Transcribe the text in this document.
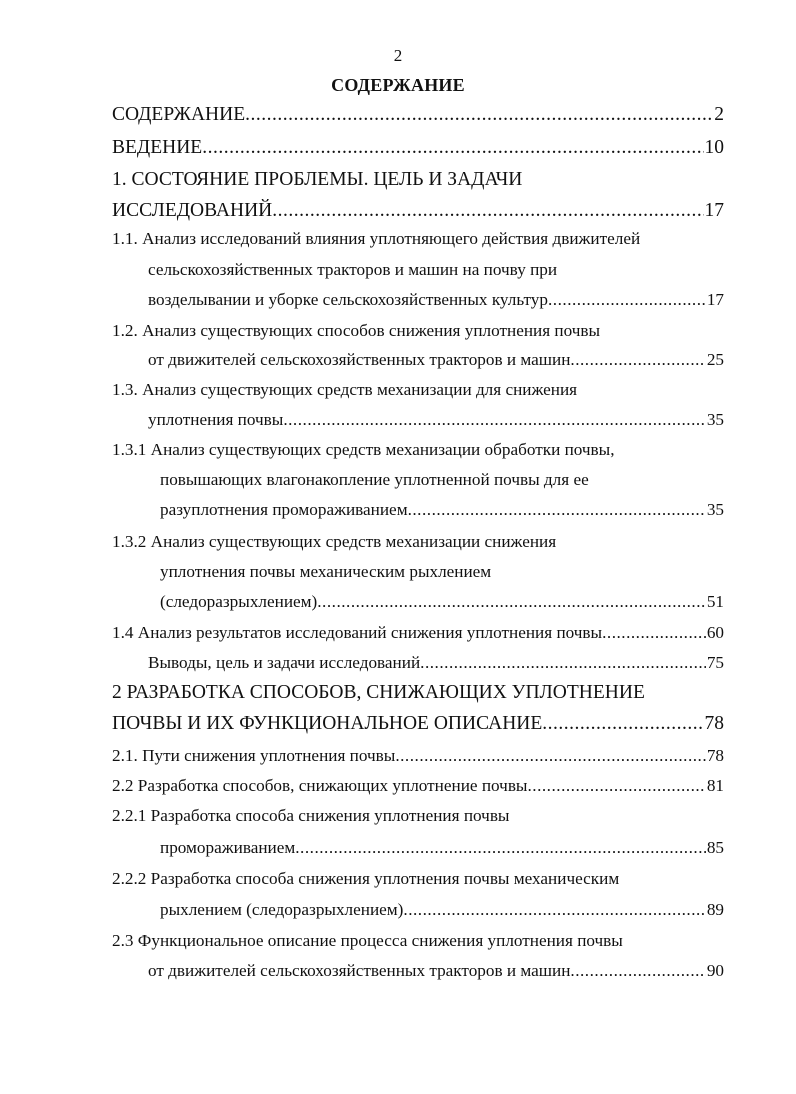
2
СОДЕРЖАНИЕ
СОДЕРЖАНИЕ .....	2
ВЕДЕНИЕ .....	10
1. СОСТОЯНИЕ ПРОБЛЕМЫ. ЦЕЛЬ И ЗАДАЧИ
ИССЛЕДОВАНИЙ .....	17
1.1. Анализ исследований влияния уплотняющего действия движителей
сельскохозяйственных тракторов и машин на почву при
возделывании и уборке сельскохозяйственных культур .....	17
1.2. Анализ существующих способов снижения уплотнения почвы
от движителей сельскохозяйственных тракторов и машин .....	25
1.3. Анализ существующих средств механизации для снижения
уплотнения почвы .....	35
1.3.1 Анализ существующих средств механизации обработки почвы,
повышающих влагонакопление уплотненной почвы для ее
разуплотнения промораживанием .....	35
1.3.2 Анализ существующих средств механизации снижения
уплотнения почвы механическим рыхлением
(следоразрыхлением) .....	51
1.4 Анализ результатов исследований снижения уплотнения почвы .....	60
Выводы, цель и задачи исследований .....	75
2 РАЗРАБОТКА СПОСОБОВ, СНИЖАЮЩИХ УПЛОТНЕНИЕ
ПОЧВЫ И ИХ ФУНКЦИОНАЛЬНОЕ ОПИСАНИЕ .....	78
2.1. Пути снижения уплотнения почвы .....	78
2.2 Разработка способов, снижающих уплотнение почвы .....	81
2.2.1 Разработка способа снижения уплотнения почвы
промораживанием .....	85
2.2.2 Разработка способа снижения уплотнения почвы механическим
рыхлением (следоразрыхлением) .....	89
2.3 Функциональное описание процесса снижения уплотнения почвы
от движителей сельскохозяйственных тракторов и машин .....	90
